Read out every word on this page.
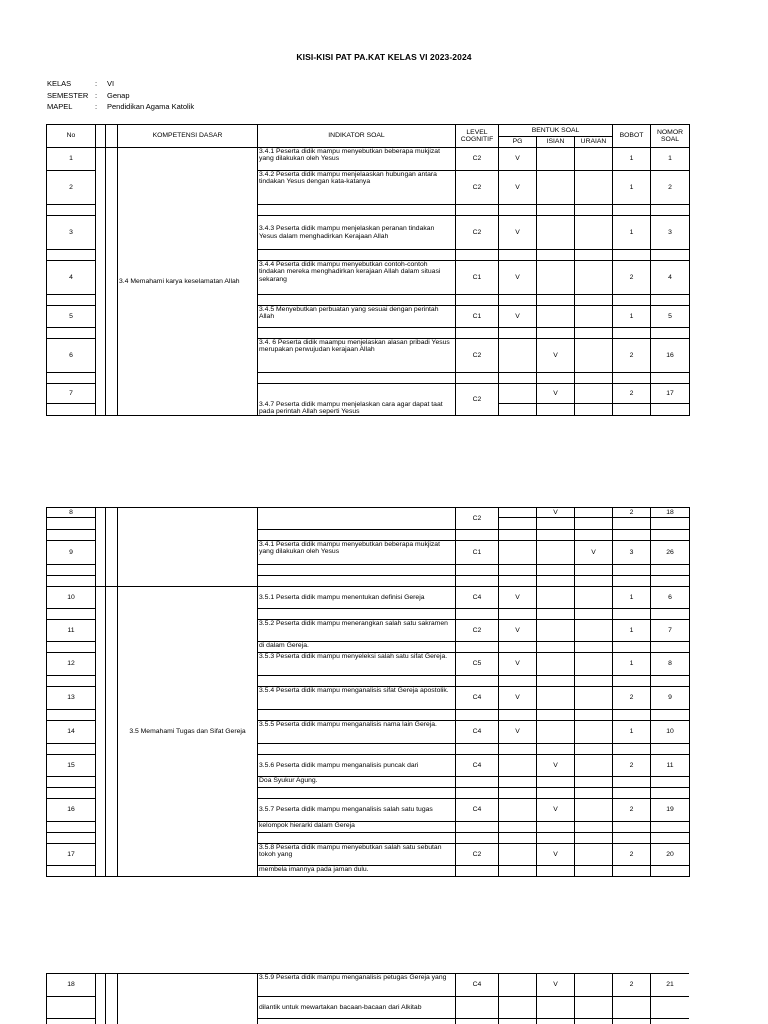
KISI-KISI PAT PA.KAT KELAS VI 2023-2024
KELAS	:	VI
SEMESTER :	Genap
MAPEL	:	Pendidikan Agama Katolik
No			KOMPETENSI DASAR	INDIKATOR SOAL	LEVEL COGNITIF	BENTUK SOAL			BOBOT	NOMOR SOAL
						PG	ISIAN	URAIAN		
1			3.4 Memahami karya keselamatan Allah	3.4.1 Peserta didik mampu menyebutkan beberapa mukjizat yang dilakukan oleh Yesus	C2	V			1	1
2				3.4.2 Peserta didik mampu menjelaaskan hubungan antara tindakan Yesus dengan kata-katanya	C2	V			1	2

3				3.4.3 Peserta didik mampu menjelaskan peranan tindakan Yesus dalam menghadirkan Kerajaan Allah	C2	V			1	3

4				3.4.4 Peserta didik mampu menyebutkan contoh-contoh tindakan mereka menghadirkan kerajaan Allah dalam situasi sekarang	C1	V			2	4

5				3.4.5 Menyebutkan perbuatan yang sesuai dengan perintah Allah	C1	V			1	5

6				3.4. 6 Peserta didik maampu menjelaskan alasan pribadi Yesus merupakan perwujudan kerajaan Allah	C2		V		2	16

7				3.4.7 Peserta didik mampu menjelaskan cara agar dapat taat pada perintah Allah seperti Yesus	C2		V		2	17

8					C2		V		2	18

9				3.4.1 Peserta didik mampu menyebutkan beberapa mukjizat yang dilakukan oleh Yesus	C1			V	3	26

10			3.5 Memahami Tugas dan Sifat Gereja	3.5.1 Peserta didik mampu menentukan definisi Gereja	C4	V			1	6

11				3.5.2 Peserta didik mampu menerangkan salah satu sakramen	C2	V			1	7
				di dalam Gereja.						
12				3.5.3 Peserta didik mampu menyeleksi salah satu sifat Gereja.	C5	V			1	8

13				3.5.4 Peserta didik mampu menganalisis sifat Gereja apostolik.	C4	V			2	9

14				3.5.5 Peserta didik mampu menganalisis nama lain Gereja.	C4	V			1	10

15				3.5.6 Peserta didik mampu menganalisis puncak dari	C4		V		2	11
				Doa Syukur Agung.						

16				3.5.7 Peserta didik mampu menganalisis salah satu tugas	C4		V		2	19
				kelompok hierarki dalam Gereja						

17				3.5.8 Peserta didik mampu menyebutkan salah satu sebutan tokoh yang	C2		V		2	20
				membela imannya pada jaman dulu.						
18				3.5.9 Peserta didik mampu menganalisis petugas Gereja yang	C4		V		2	21
				dilantik untuk mewartakan bacaan-bacaan dari Alkitab						
